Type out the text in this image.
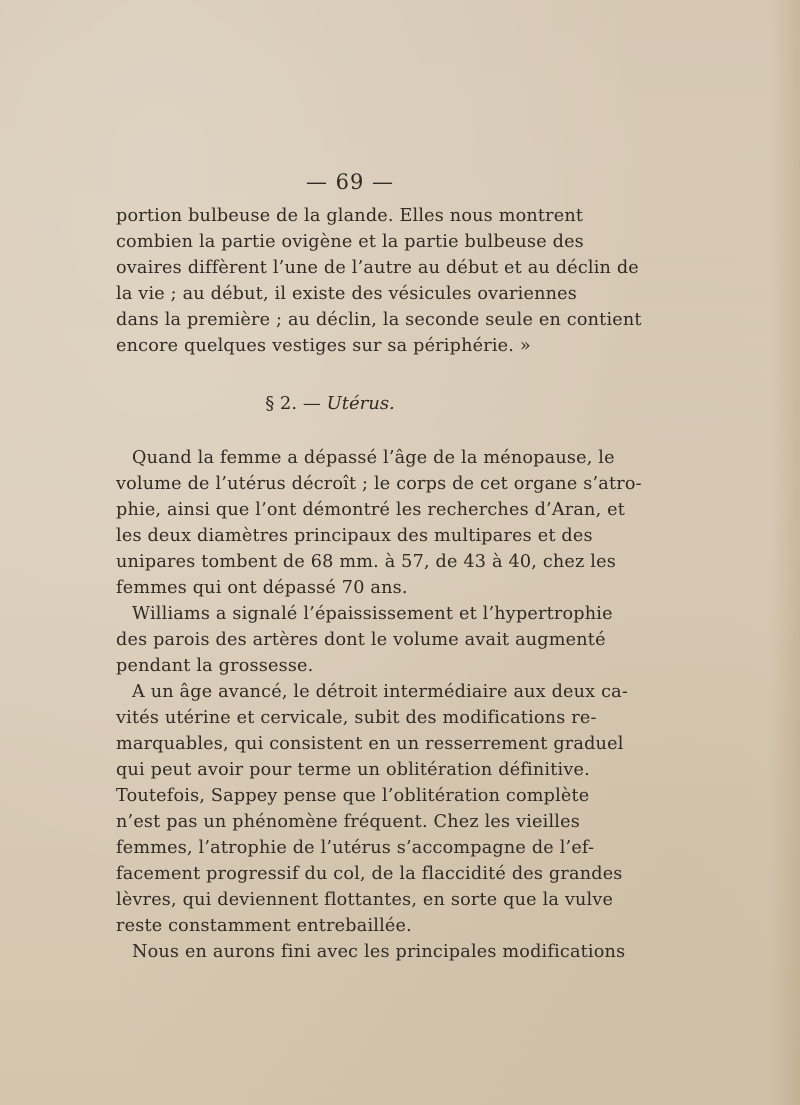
— 69 —
portion bulbeuse de la glande. Elles nous montrent
combien la partie ovigène et la partie bulbeuse des
ovaires diffèrent l’une de l’autre au début et au déclin de
la vie ; au début, il existe des vésicules ovariennes
dans la première ; au déclin, la seconde seule en contient
encore quelques vestiges sur sa périphérie. »
§ 2. — Utérus.
Quand la femme a dépassé l’âge de la ménopause, le
volume de l’utérus décroît ; le corps de cet organe s’atro-
phie, ainsi que l’ont démontré les recherches d’Aran, et
les deux diamètres principaux des multipares et des
unipares tombent de 68 mm. à 57, de 43 à 40, chez les
femmes qui ont dépassé 70 ans.
Williams a signalé l’épaississement et l’hypertrophie
des parois des artères dont le volume avait augmenté
pendant la grossesse.
A un âge avancé, le détroit intermédiaire aux deux ca-
vités utérine et cervicale, subit des modifications re-
marquables, qui consistent en un resserrement graduel
qui peut avoir pour terme un oblitération définitive.
Toutefois, Sappey pense que l’oblitération complète
n’est pas un phénomène fréquent. Chez les vieilles
femmes, l’atrophie de l’utérus s’accompagne de l’ef-
facement progressif du col, de la flaccidité des grandes
lèvres, qui deviennent flottantes, en sorte que la vulve
reste constamment entrebaillée.
Nous en aurons fini avec les principales modifications
